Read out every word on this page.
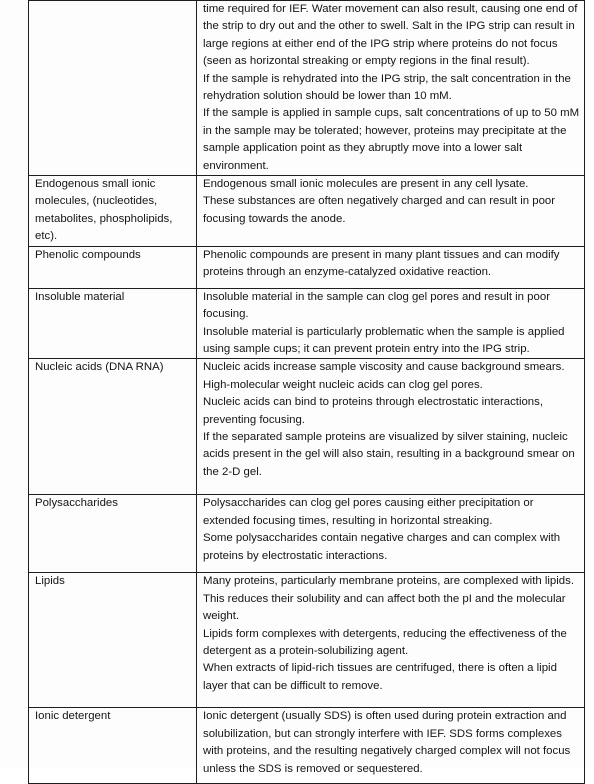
	time required for IEF. Water movement can also result, causing one end of the strip to dry out and the other to swell. Salt in the IPG strip can result in large regions at either end of the IPG strip where proteins do not focus (seen as horizontal streaking or empty regions in the final result).

If the sample is rehydrated into the IPG strip, the salt concentration in the rehydration solution should be lower than 10 mM.

If the sample is applied in sample cups, salt concentrations of up to 50 mM in the sample may be tolerated; however, proteins may precipitate at the sample application point as they abruptly move into a lower salt environment.

Endogenous small ionic molecules, (nucleotides, metabolites, phospholipids, etc).	Endogenous small ionic molecules are present in any cell lysate.

These substances are often negatively charged and can result in poor focusing towards the anode.

Phenolic compounds	Phenolic compounds are present in many plant tissues and can modify proteins through an enzyme-catalyzed oxidative reaction.

Insoluble material	Insoluble material in the sample can clog gel pores and result in poor focusing.

Insoluble material is particularly problematic when the sample is applied using sample cups; it can prevent protein entry into the IPG strip.

Nucleic acids (DNA RNA)	Nucleic acids increase sample viscosity and cause background smears.

High-molecular weight nucleic acids can clog gel pores.

Nucleic acids can bind to proteins through electrostatic interactions, preventing focusing.

If the separated sample proteins are visualized by silver staining, nucleic acids present in the gel will also stain, resulting in a background smear on the 2-D gel.

Polysaccharides	Polysaccharides can clog gel pores causing either precipitation or extended focusing times, resulting in horizontal streaking.

Some polysaccharides contain negative charges and can complex with proteins by electrostatic interactions.

Lipids	Many proteins, particularly membrane proteins, are complexed with lipids.

This reduces their solubility and can affect both the pI and the molecular weight.

Lipids form complexes with detergents, reducing the effectiveness of the detergent as a protein-solubilizing agent.

When extracts of lipid-rich tissues are centrifuged, there is often a lipid layer that can be difficult to remove.

Ionic detergent	Ionic detergent (usually SDS) is often used during protein extraction and solubilization, but can strongly interfere with IEF. SDS forms complexes with proteins, and the resulting negatively charged complex will not focus unless the SDS is removed or sequestered.
